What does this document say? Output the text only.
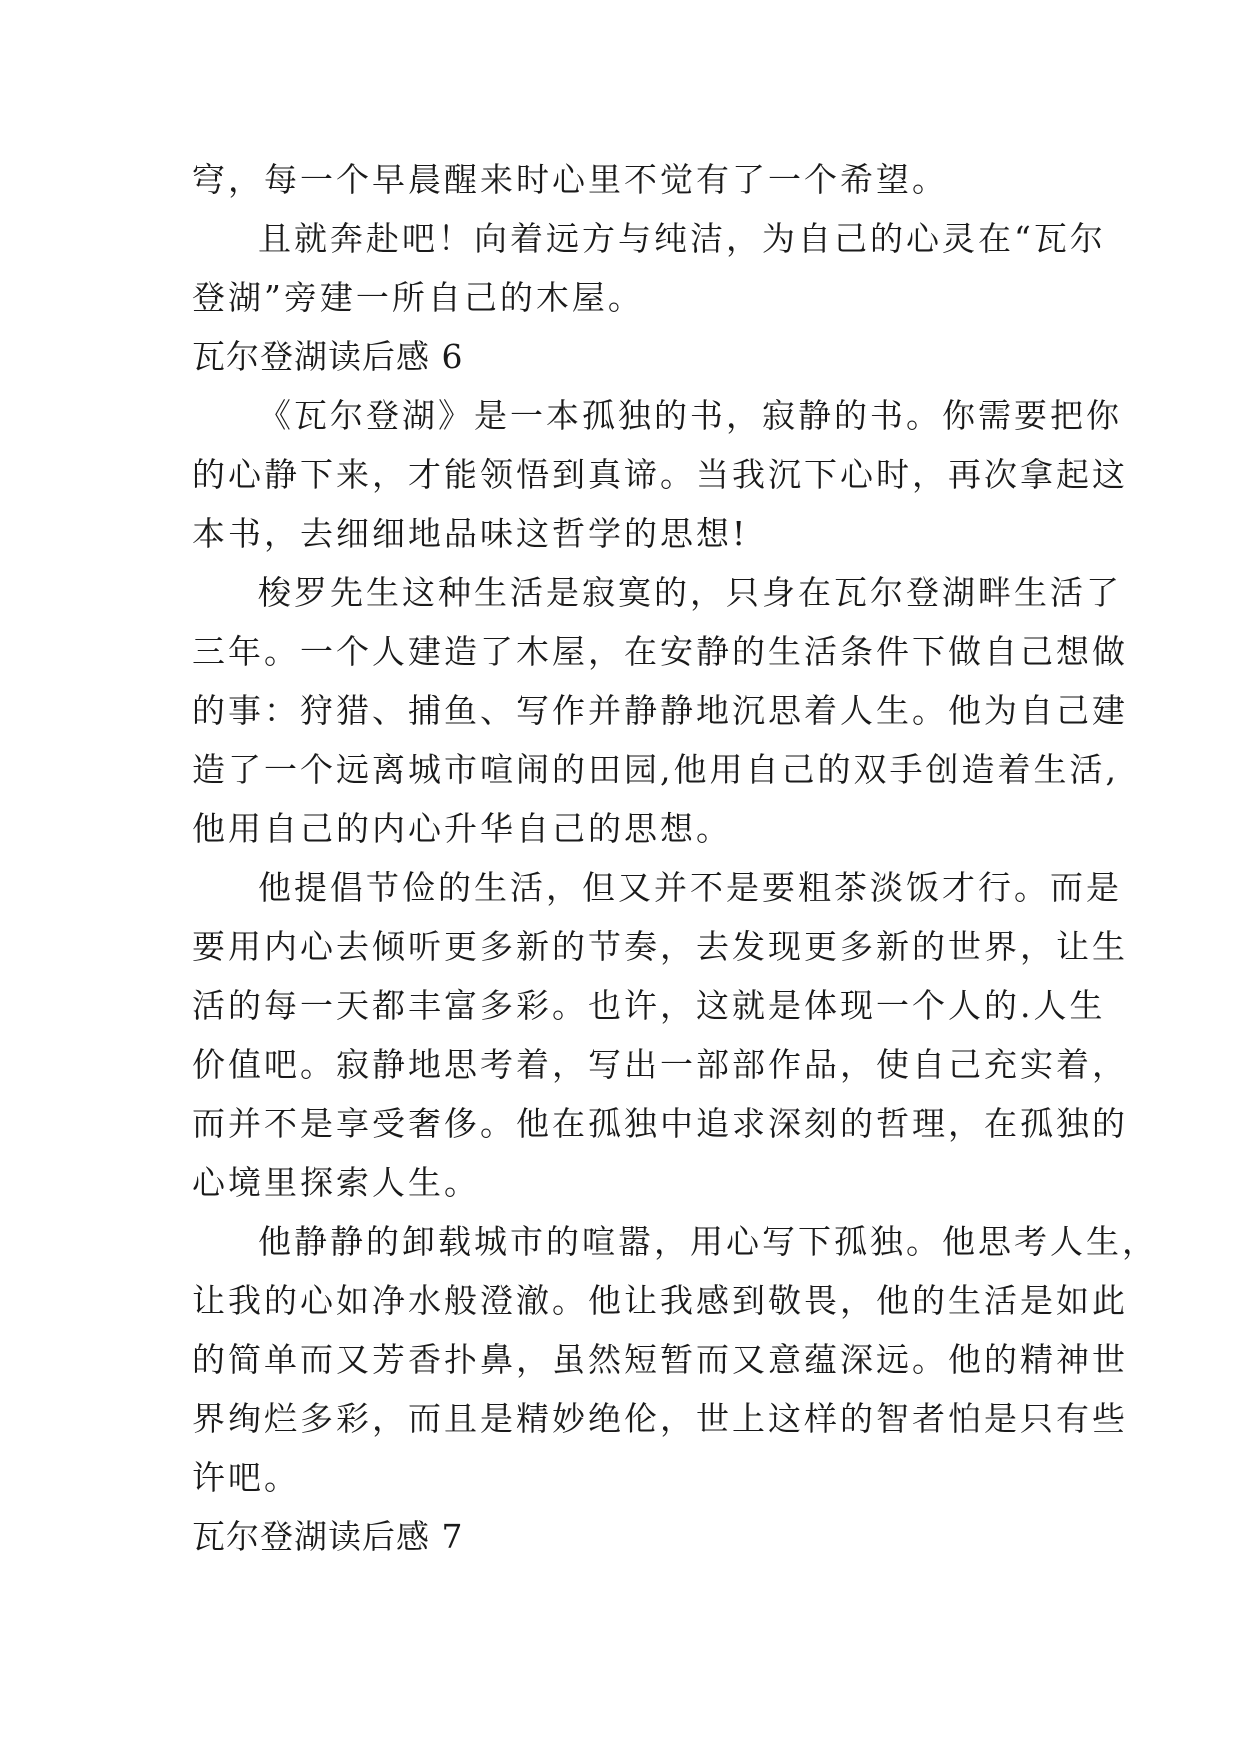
穹，每一个早晨醒来时心里不觉有了一个希望。
且就奔赴吧！向着远方与纯洁，为自己的心灵在“瓦尔
登湖”旁建一所自己的木屋。
瓦尔登湖读后感 6
《瓦尔登湖》是一本孤独的书，寂静的书。你需要把你
的心静下来，才能领悟到真谛。当我沉下心时，再次拿起这
本书，去细细地品味这哲学的思想!
梭罗先生这种生活是寂寞的，只身在瓦尔登湖畔生活了
三年。一个人建造了木屋，在安静的生活条件下做自己想做
的事：狩猎、捕鱼、写作并静静地沉思着人生。他为自己建
造了一个远离城市喧闹的田园,他用自己的双手创造着生活,
他用自己的内心升华自己的思想。
他提倡节俭的生活，但又并不是要粗茶淡饭才行。而是
要用内心去倾听更多新的节奏，去发现更多新的世界，让生
活的每一天都丰富多彩。也许，这就是体现一个人的.人生
价值吧。寂静地思考着，写出一部部作品，使自己充实着，
而并不是享受奢侈。他在孤独中追求深刻的哲理，在孤独的
心境里探索人生。
他静静的卸载城市的喧嚣，用心写下孤独。他思考人生，
让我的心如净水般澄澈。他让我感到敬畏，他的生活是如此
的简单而又芳香扑鼻，虽然短暂而又意蕴深远。他的精神世
界绚烂多彩，而且是精妙绝伦，世上这样的智者怕是只有些
许吧。
瓦尔登湖读后感 7
